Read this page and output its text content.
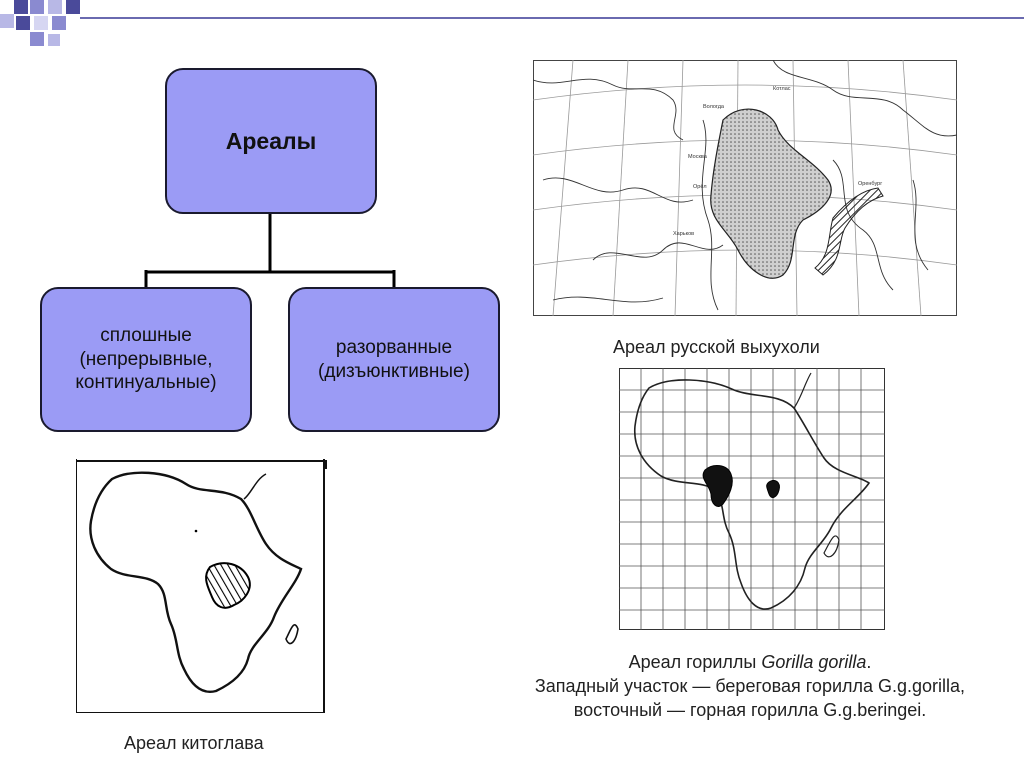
Ареалы
сплошные
(непрерывные,
континуальные)
разорванные
(дизъюнктивные)
Вологда
Котлас
Москва
Орёл
Харьков
Оренбург
Ареал русской выхухоли
Ареал китоглава
Ареал гориллы Gorilla gorilla.
Западный участок — береговая горилла G.g.gorilla,
восточный — горная горилла G.g.beringei.
